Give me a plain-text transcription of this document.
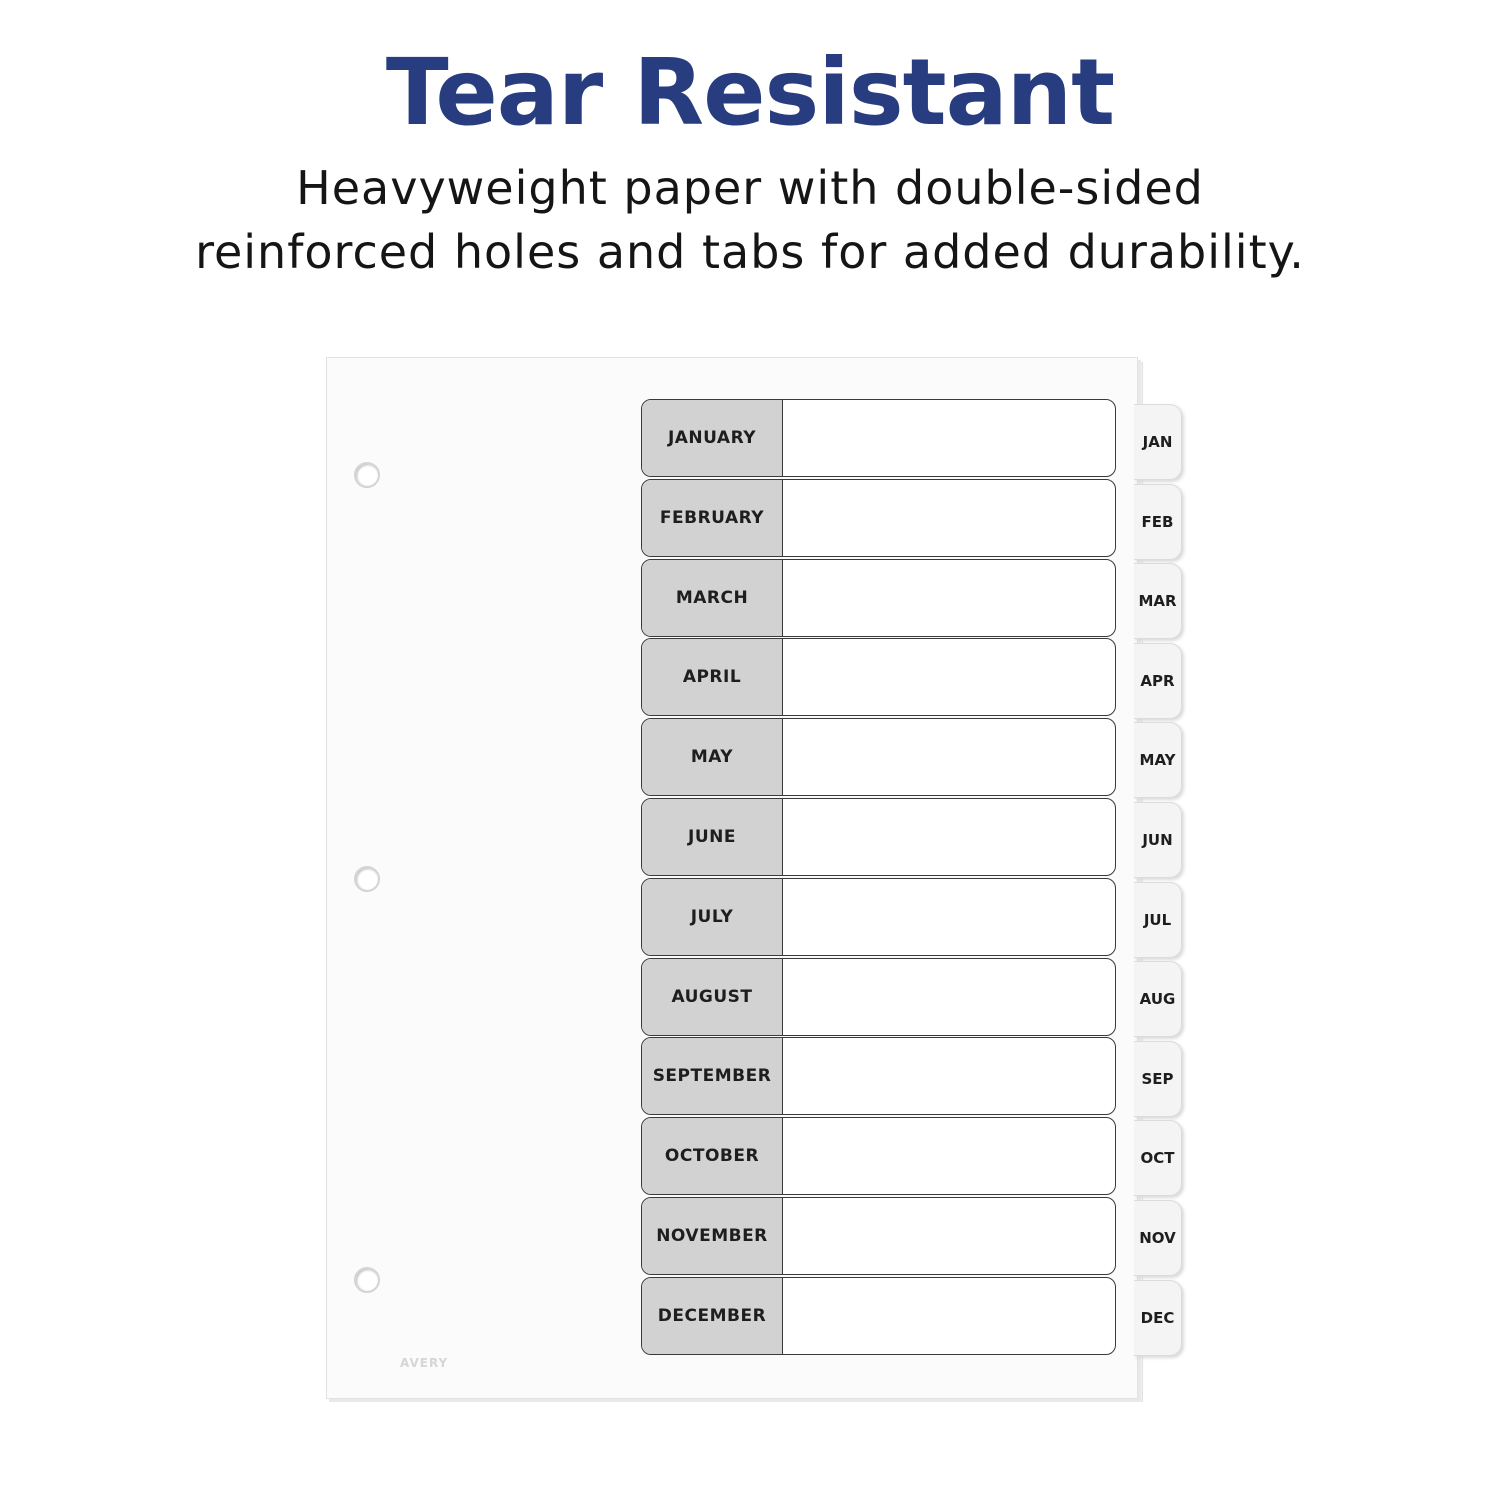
Tear Resistant
Heavyweight paper with double-sided
reinforced holes and tabs for added durability.
AVERY
JANUARY
FEBRUARY
MARCH
APRIL
MAY
JUNE
JULY
AUGUST
SEPTEMBER
OCTOBER
NOVEMBER
DECEMBER
JAN
FEB
MAR
APR
MAY
JUN
JUL
AUG
SEP
OCT
NOV
DEC
